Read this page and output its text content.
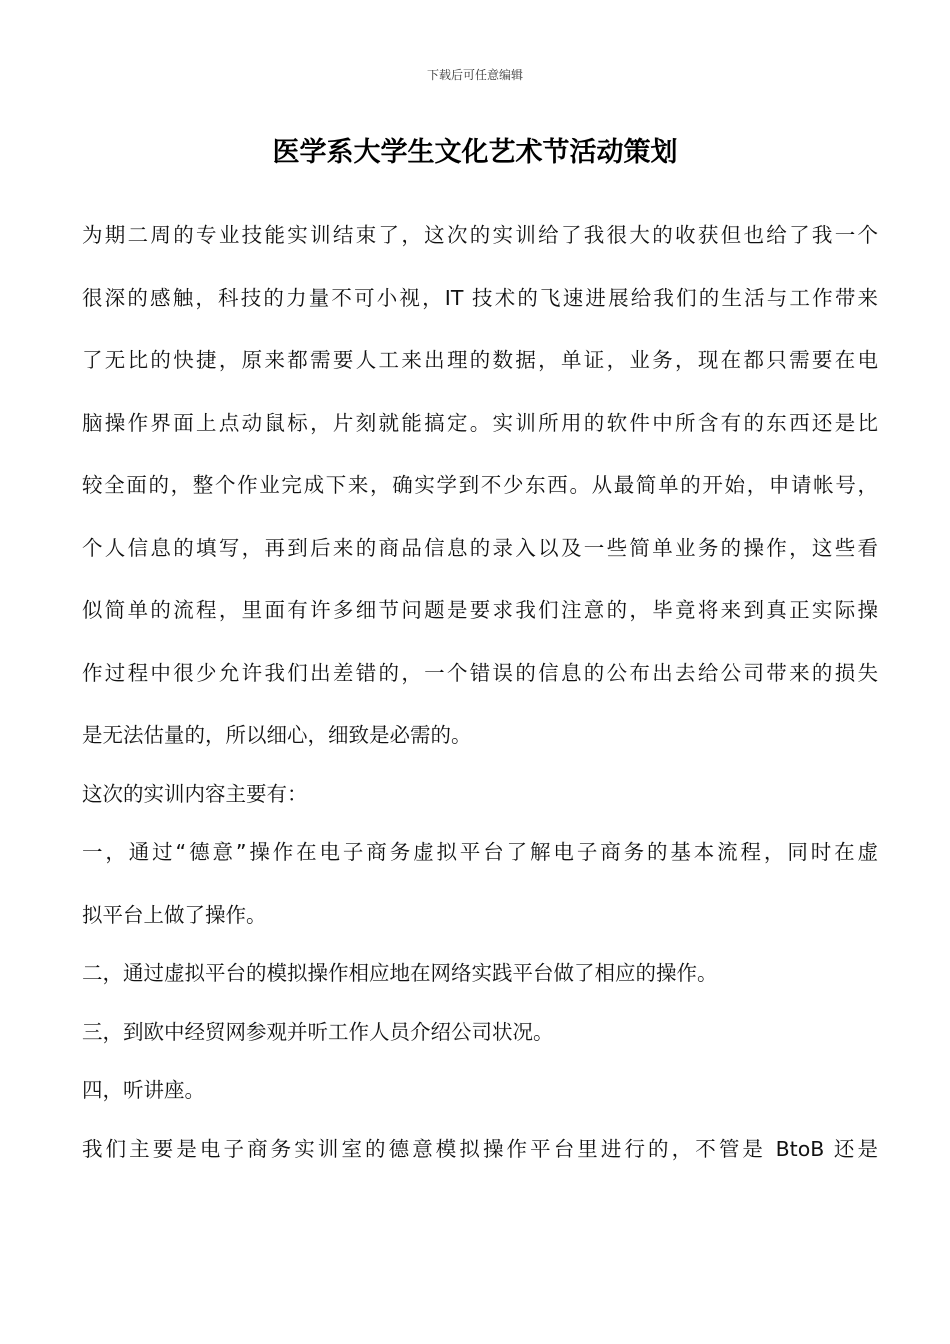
下载后可任意编辑
医学系大学生文化艺术节活动策划
为期二周的专业技能实训结束了，这次的实训给了我很大的收获但也给了我一个
很深的感触，科技的力量不可小视，IT 技术的飞速进展给我们的生活与工作带来
了无比的快捷，原来都需要人工来出理的数据，单证，业务，现在都只需要在电
脑操作界面上点动鼠标，片刻就能搞定。实训所用的软件中所含有的东西还是比
较全面的，整个作业完成下来，确实学到不少东西。从最简单的开始，申请帐号，
个人信息的填写，再到后来的商品信息的录入以及一些简单业务的操作，这些看
似简单的流程，里面有许多细节问题是要求我们注意的，毕竟将来到真正实际操
作过程中很少允许我们出差错的，一个错误的信息的公布出去给公司带来的损失
是无法估量的，所以细心，细致是必需的。
这次的实训内容主要有：
一，通过“德意”操作在电子商务虚拟平台了解电子商务的基本流程，同时在虚
拟平台上做了操作。
二，通过虚拟平台的模拟操作相应地在网络实践平台做了相应的操作。
三，到欧中经贸网参观并听工作人员介绍公司状况。
四，听讲座。
我们主要是电子商务实训室的德意模拟操作平台里进行的，不管是 BtoB 还是
